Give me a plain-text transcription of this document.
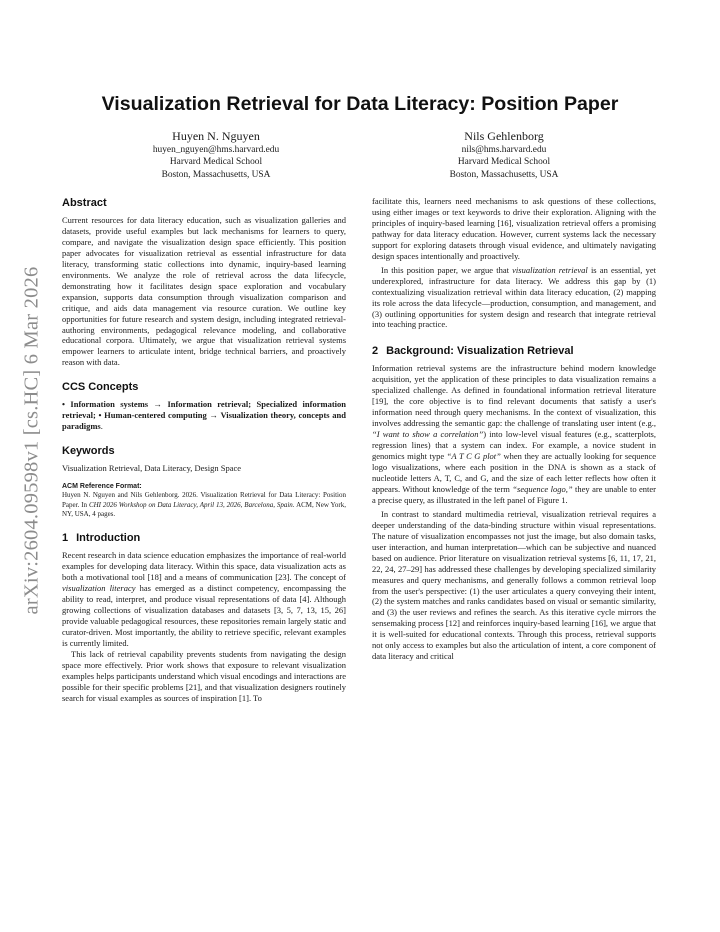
arXiv:2604.09598v1 [cs.HC] 6 Mar 2026
Visualization Retrieval for Data Literacy: Position Paper
Huyen N. Nguyen
huyen_nguyen@hms.harvard.edu
Harvard Medical School
Boston, Massachusetts, USA
Nils Gehlenborg
nils@hms.harvard.edu
Harvard Medical School
Boston, Massachusetts, USA
Abstract

Current resources for data literacy education, such as visualization galleries and datasets, provide useful examples but lack mechanisms for learners to query, compare, and navigate the visualization design space efficiently. This position paper advocates for visualization retrieval as essential infrastructure for data literacy, transforming static collections into dynamic, inquiry-based learning environments. We analyze the role of retrieval across the data lifecycle, demonstrating how it facilitates design space exploration and vocabulary expansion, supports data consumption through visualization comparison and critique, and aids data management via resource curation. We outline key opportunities for future research and system design, including integrated retrieval-authoring environments, pedagogical relevance modeling, and collaborative educational corpora. Ultimately, we argue that visualization retrieval systems empower learners to articulate intent, bridge technical barriers, and proactively reason with data.

CCS Concepts

• Information systems → Information retrieval; Specialized information retrieval; • Human-centered computing → Visualization theory, concepts and paradigms.

Keywords

Visualization Retrieval, Data Literacy, Design Space

ACM Reference Format:

Huyen N. Nguyen and Nils Gehlenborg. 2026. Visualization Retrieval for Data Literacy: Position Paper. In CHI 2026 Workshop on Data Literacy, April 13, 2026, Barcelona, Spain. ACM, New York, NY, USA, 4 pages.

1 Introduction

Recent research in data science education emphasizes the importance of real-world examples for developing data literacy. Within this space, data visualization acts as both a motivational tool [18] and a means of communication [23]. The concept of visualization literacy has emerged as a distinct competency, encompassing the ability to read, interpret, and produce visual representations of data [4]. Although growing collections of visualization databases and datasets [3, 5, 7, 13, 15, 26] provide valuable pedagogical resources, these repositories remain largely static and curator-driven. Most importantly, the ability to retrieve specific, relevant examples is currently limited.

This lack of retrieval capability prevents students from navigating the design space more effectively. Prior work shows that exposure to relevant visualization examples helps participants understand which visual encodings and interactions are possible for their specific problems [21], and that visualization designers routinely search for visual examples as sources of inspiration [1]. To

facilitate this, learners need mechanisms to ask questions of these collections, using either images or text keywords to drive their exploration. Aligning with the principles of inquiry-based learning [16], visualization retrieval offers a promising pathway for data literacy education. However, current systems lack the necessary support for exploring datasets through visual evidence, and ultimately navigating design spaces intentionally and proactively.

In this position paper, we argue that visualization retrieval is an essential, yet underexplored, infrastructure for data literacy. We address this gap by (1) contextualizing visualization retrieval within data literacy education, (2) mapping its role across the data lifecycle—production, consumption, and management, and (3) outlining opportunities for system design and research that integrate retrieval into teaching practice.

2 Background: Visualization Retrieval

Information retrieval systems are the infrastructure behind modern knowledge acquisition, yet the application of these principles to data visualization remains a specialized challenge. As defined in foundational information retrieval literature [19], the core objective is to find relevant documents that satisfy a user's information need through query mechanisms. In the context of visualization, this involves addressing the semantic gap: the challenge of translating user intent (e.g., “I want to show a correlation”) into low-level visual features (e.g., scatterplots, regression lines) that a system can index. For example, a novice student in genomics might type “A T C G plot” when they are actually looking for sequence logo visualizations, where each position in the DNA is shown as a stack of nucleotide letters A, T, C, and G, and the size of each letter reflects how often it appears. Without knowledge of the term “sequence logo,” they are unable to enter a precise query, as illustrated in the left panel of Figure 1.

In contrast to standard multimedia retrieval, visualization retrieval requires a deeper understanding of the data-binding structure within visual representations. The nature of visualization encompasses not just the image, but also domain tasks, user interaction, and human interpretation—which can be subjective and nuanced based on audience. Prior literature on visualization retrieval systems [6, 11, 17, 21, 22, 24, 27–29] has addressed these challenges by developing specialized similarity measures and query mechanisms, and generally follows a common retrieval loop from the user's perspective: (1) the user articulates a query conveying their intent, (2) the system matches and ranks candidates based on visual or semantic similarity, and (3) the user reviews and refines the search. As this iterative cycle mirrors the sensemaking process [12] and reinforces inquiry-based learning [16], we argue that it is well-suited for educational contexts. Through this process, retrieval supports not only access to examples but also the articulation of intent, a core component of data literacy and critical
